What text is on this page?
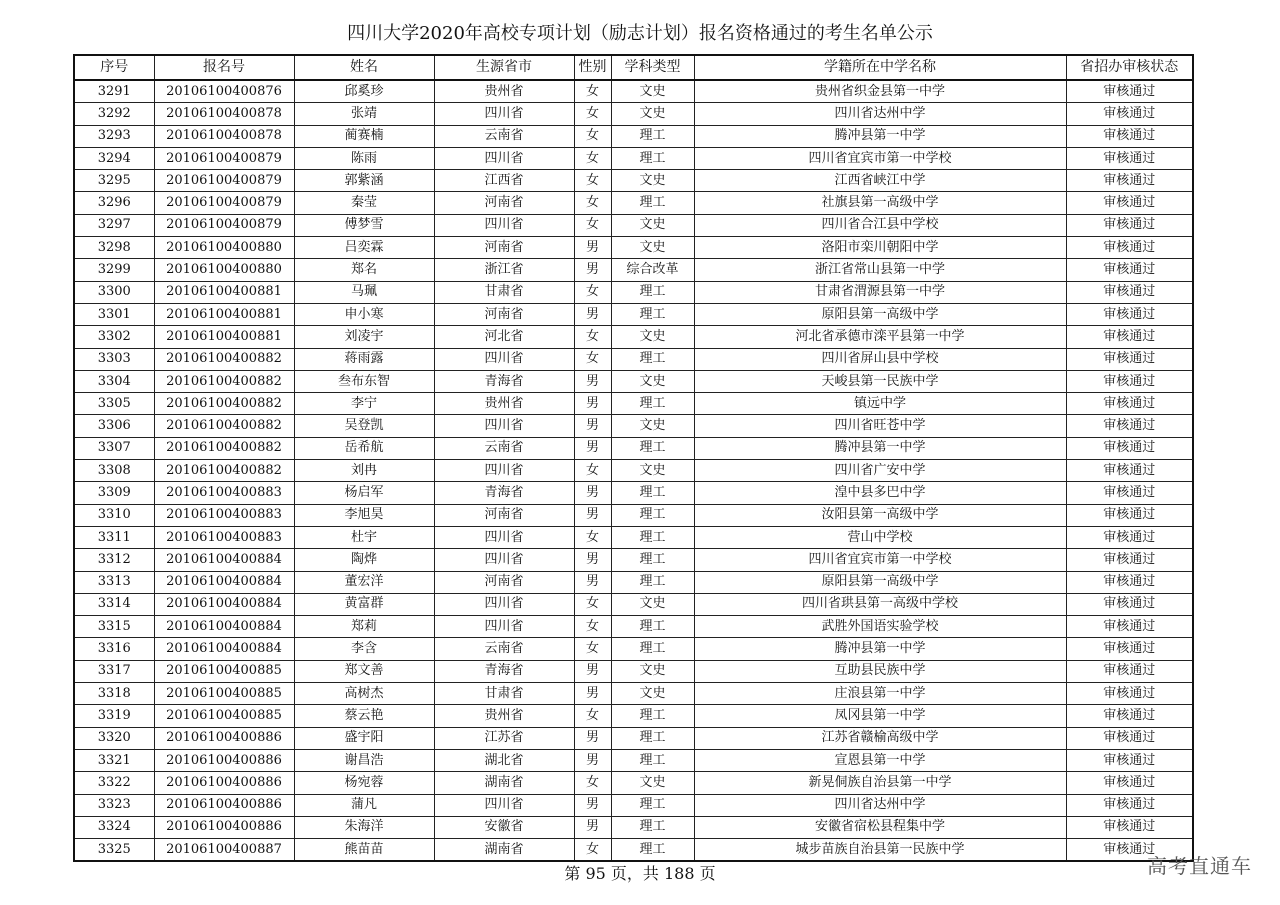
四川大学2020年高校专项计划（励志计划）报名资格通过的考生名单公示
序号	报名号	姓名	生源省市	性别	学科类型	学籍所在中学名称	省招办审核状态
3291	20106100400876	邱奚珍	贵州省	女	文史	贵州省织金县第一中学	审核通过
3292	20106100400878	张靖	四川省	女	文史	四川省达州中学	审核通过
3293	20106100400878	蔺赛楠	云南省	女	理工	腾冲县第一中学	审核通过
3294	20106100400879	陈雨	四川省	女	理工	四川省宜宾市第一中学校	审核通过
3295	20106100400879	郭紫涵	江西省	女	文史	江西省峡江中学	审核通过
3296	20106100400879	秦莹	河南省	女	理工	社旗县第一高级中学	审核通过
3297	20106100400879	傅梦雪	四川省	女	文史	四川省合江县中学校	审核通过
3298	20106100400880	吕奕霖	河南省	男	文史	洛阳市栾川朝阳中学	审核通过
3299	20106100400880	郑名	浙江省	男	综合改革	浙江省常山县第一中学	审核通过
3300	20106100400881	马珮	甘肃省	女	理工	甘肃省渭源县第一中学	审核通过
3301	20106100400881	申小寒	河南省	男	理工	原阳县第一高级中学	审核通过
3302	20106100400881	刘凌宇	河北省	女	文史	河北省承德市滦平县第一中学	审核通过
3303	20106100400882	蒋雨露	四川省	女	理工	四川省屏山县中学校	审核通过
3304	20106100400882	叁布东智	青海省	男	文史	天峻县第一民族中学	审核通过
3305	20106100400882	李宁	贵州省	男	理工	镇远中学	审核通过
3306	20106100400882	吴登凯	四川省	男	文史	四川省旺苍中学	审核通过
3307	20106100400882	岳希航	云南省	男	理工	腾冲县第一中学	审核通过
3308	20106100400882	刘冉	四川省	女	文史	四川省广安中学	审核通过
3309	20106100400883	杨启军	青海省	男	理工	湟中县多巴中学	审核通过
3310	20106100400883	李旭昊	河南省	男	理工	汝阳县第一高级中学	审核通过
3311	20106100400883	杜宇	四川省	女	理工	营山中学校	审核通过
3312	20106100400884	陶烨	四川省	男	理工	四川省宜宾市第一中学校	审核通过
3313	20106100400884	董宏洋	河南省	男	理工	原阳县第一高级中学	审核通过
3314	20106100400884	黄富群	四川省	女	文史	四川省珙县第一高级中学校	审核通过
3315	20106100400884	郑莉	四川省	女	理工	武胜外国语实验学校	审核通过
3316	20106100400884	李含	云南省	女	理工	腾冲县第一中学	审核通过
3317	20106100400885	郑文善	青海省	男	文史	互助县民族中学	审核通过
3318	20106100400885	高树杰	甘肃省	男	文史	庄浪县第一中学	审核通过
3319	20106100400885	蔡云艳	贵州省	女	理工	凤冈县第一中学	审核通过
3320	20106100400886	盛宇阳	江苏省	男	理工	江苏省赣榆高级中学	审核通过
3321	20106100400886	谢昌浩	湖北省	男	理工	宣恩县第一中学	审核通过
3322	20106100400886	杨宛蓉	湖南省	女	文史	新晃侗族自治县第一中学	审核通过
3323	20106100400886	蒲凡	四川省	男	理工	四川省达州中学	审核通过
3324	20106100400886	朱海洋	安徽省	男	理工	安徽省宿松县程集中学	审核通过
3325	20106100400887	熊苗苗	湖南省	女	理工	城步苗族自治县第一民族中学	审核通过
第 95 页，共 188 页	高考直通车
